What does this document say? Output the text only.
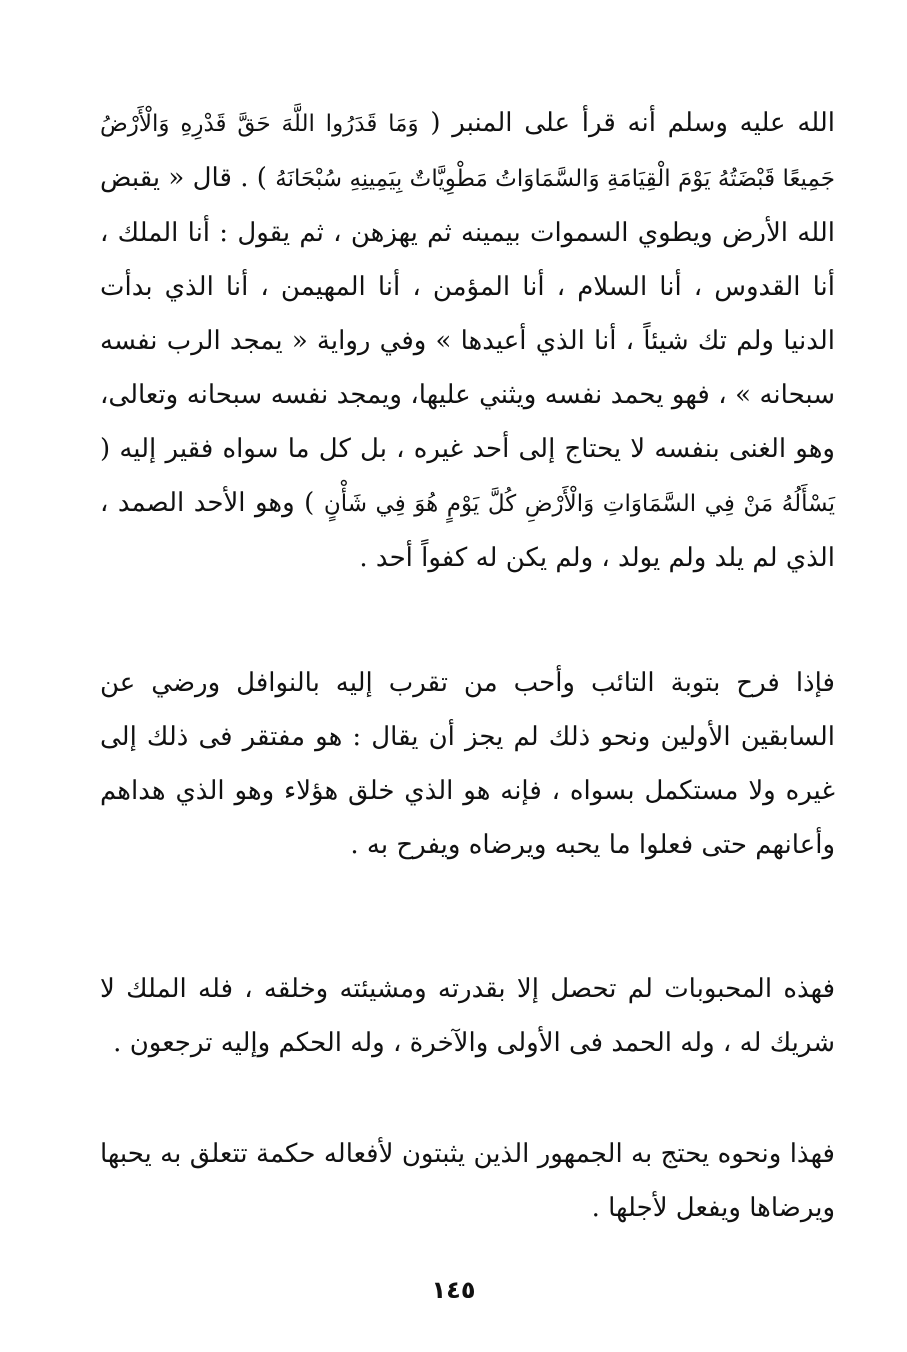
الله عليه وسلم أنه قرأ على المنبر ( وَمَا قَدَرُوا اللَّهَ حَقَّ قَدْرِهِ وَالْأَرْضُ جَمِيعًا قَبْضَتُهُ يَوْمَ الْقِيَامَةِ وَالسَّمَاوَاتُ مَطْوِيَّاتٌ بِيَمِينِهِ سُبْحَانَهُ ) . قال « يقبض الله الأرض ويطوي السموات بيمينه ثم يهزهن ، ثم يقول : أنا الملك ، أنا القدوس ، أنا السلام ، أنا المؤمن ، أنا المهيمن ، أنا الذي بدأت الدنيا ولم تك شيئاً ، أنا الذي أعيدها » وفي رواية « يمجد الرب نفسه سبحانه » ، فهو يحمد نفسه ويثني عليها، ويمجد نفسه سبحانه وتعالى، وهو الغنى بنفسه لا يحتاج إلى أحد غيره ، بل كل ما سواه فقير إليه ( يَسْأَلُهُ مَنْ فِي السَّمَاوَاتِ وَالْأَرْضِ كُلَّ يَوْمٍ هُوَ فِي شَأْنٍ ) وهو الأحد الصمد ، الذي لم يلد ولم يولد ، ولم يكن له كفواً أحد .

فإذا فرح بتوبة التائب وأحب من تقرب إليه بالنوافل ورضي عن السابقين الأولين ونحو ذلك لم يجز أن يقال : هو مفتقر فى ذلك إلى غيره ولا مستكمل بسواه ، فإنه هو الذي خلق هؤلاء وهو الذي هداهم وأعانهم حتى فعلوا ما يحبه ويرضاه ويفرح به .

فهذه المحبوبات لم تحصل إلا بقدرته ومشيئته وخلقه ، فله الملك لا شريك له ، وله الحمد فى الأولى والآخرة ، وله الحكم وإليه ترجعون .

فهذا ونحوه يحتج به الجمهور الذين يثبتون لأفعاله حكمة تتعلق به يحبها ويرضاها ويفعل لأجلها .

١٤٥
